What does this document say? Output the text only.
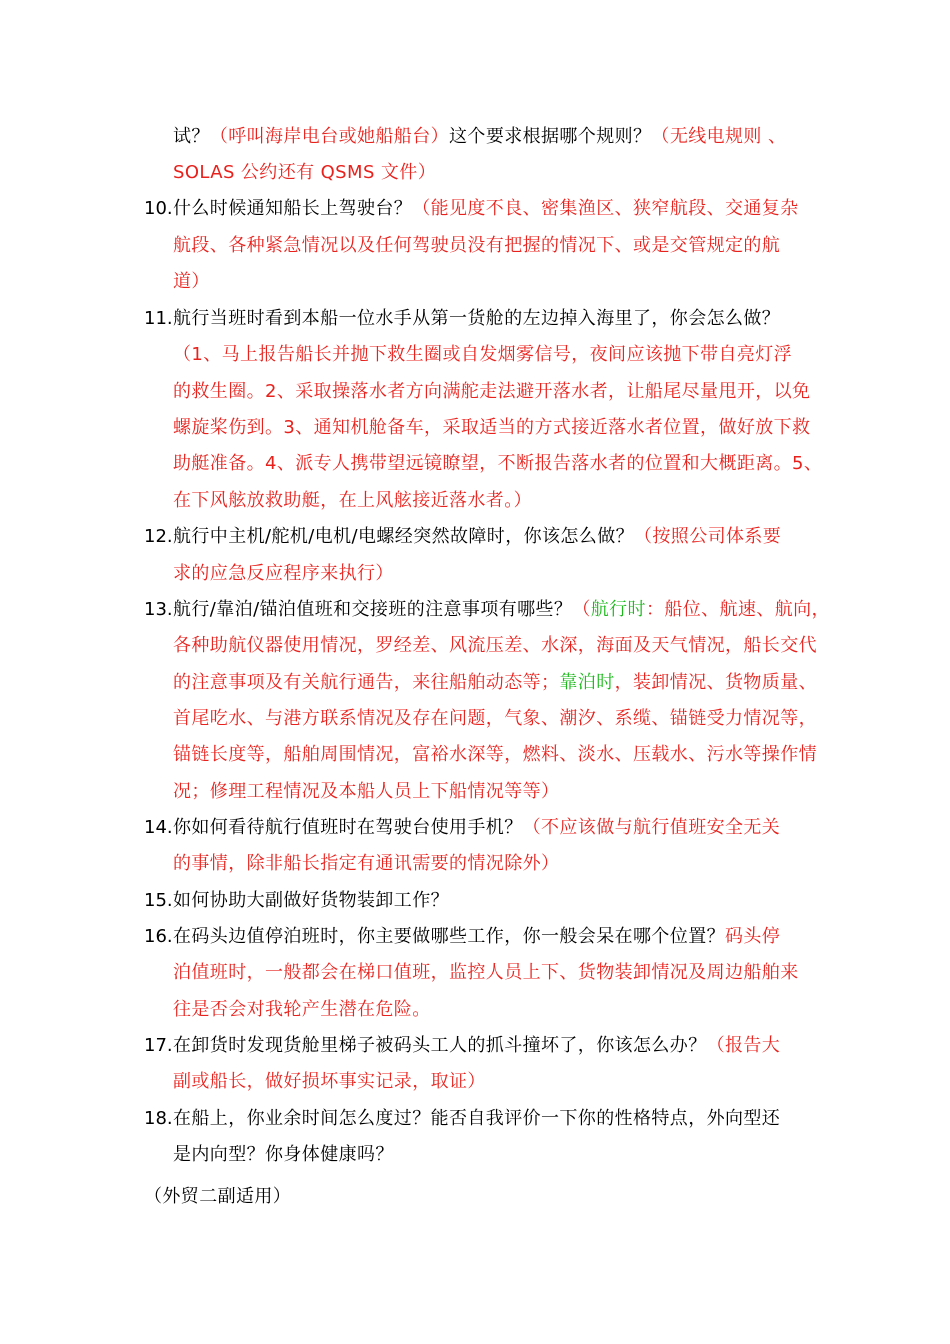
试？（呼叫海岸电台或她船船台）这个要求根据哪个规则？（无线电规则 、
SOLAS 公约还有 QSMS 文件）
10. 什么时候通知船长上驾驶台？（能见度不良、密集渔区、狭窄航段、交通复杂
航段、各种紧急情况以及任何驾驶员没有把握的情况下、或是交管规定的航
道）
11. 航行当班时看到本船一位水手从第一货舱的左边掉入海里了，你会怎么做？
（1、马上报告船长并抛下救生圈或自发烟雾信号，夜间应该抛下带自亮灯浮
的救生圈。2、采取操落水者方向满舵走法避开落水者，让船尾尽量甩开，以免
螺旋桨伤到。3、通知机舱备车，采取适当的方式接近落水者位置，做好放下救
助艇准备。4、派专人携带望远镜瞭望，不断报告落水者的位置和大概距离。5、
在下风舷放救助艇，在上风舷接近落水者。）
12. 航行中主机/舵机/电机/电螺经突然故障时，你该怎么做？（按照公司体系要
求的应急反应程序来执行）
13. 航行/靠泊/锚泊值班和交接班的注意事项有哪些？（航行时：船位、航速、航向，
各种助航仪器使用情况，罗经差、风流压差、水深，海面及天气情况，船长交代
的注意事项及有关航行通告，来往船舶动态等；靠泊时，装卸情况、货物质量、
首尾吃水、与港方联系情况及存在问题，气象、潮汐、系缆、锚链受力情况等，
锚链长度等，船舶周围情况，富裕水深等，燃料、淡水、压载水、污水等操作情
况；修理工程情况及本船人员上下船情况等等）
14. 你如何看待航行值班时在驾驶台使用手机？（不应该做与航行值班安全无关
的事情，除非船长指定有通讯需要的情况除外）
15. 如何协助大副做好货物装卸工作？
16. 在码头边值停泊班时，你主要做哪些工作，你一般会呆在哪个位置？码头停
泊值班时，一般都会在梯口值班，监控人员上下、货物装卸情况及周边船舶来
往是否会对我轮产生潜在危险。
17. 在卸货时发现货舱里梯子被码头工人的抓斗撞坏了，你该怎么办？（报告大
副或船长，做好损坏事实记录，取证）
18. 在船上，你业余时间怎么度过？能否自我评价一下你的性格特点，外向型还
是内向型？你身体健康吗？
（外贸二副适用）
